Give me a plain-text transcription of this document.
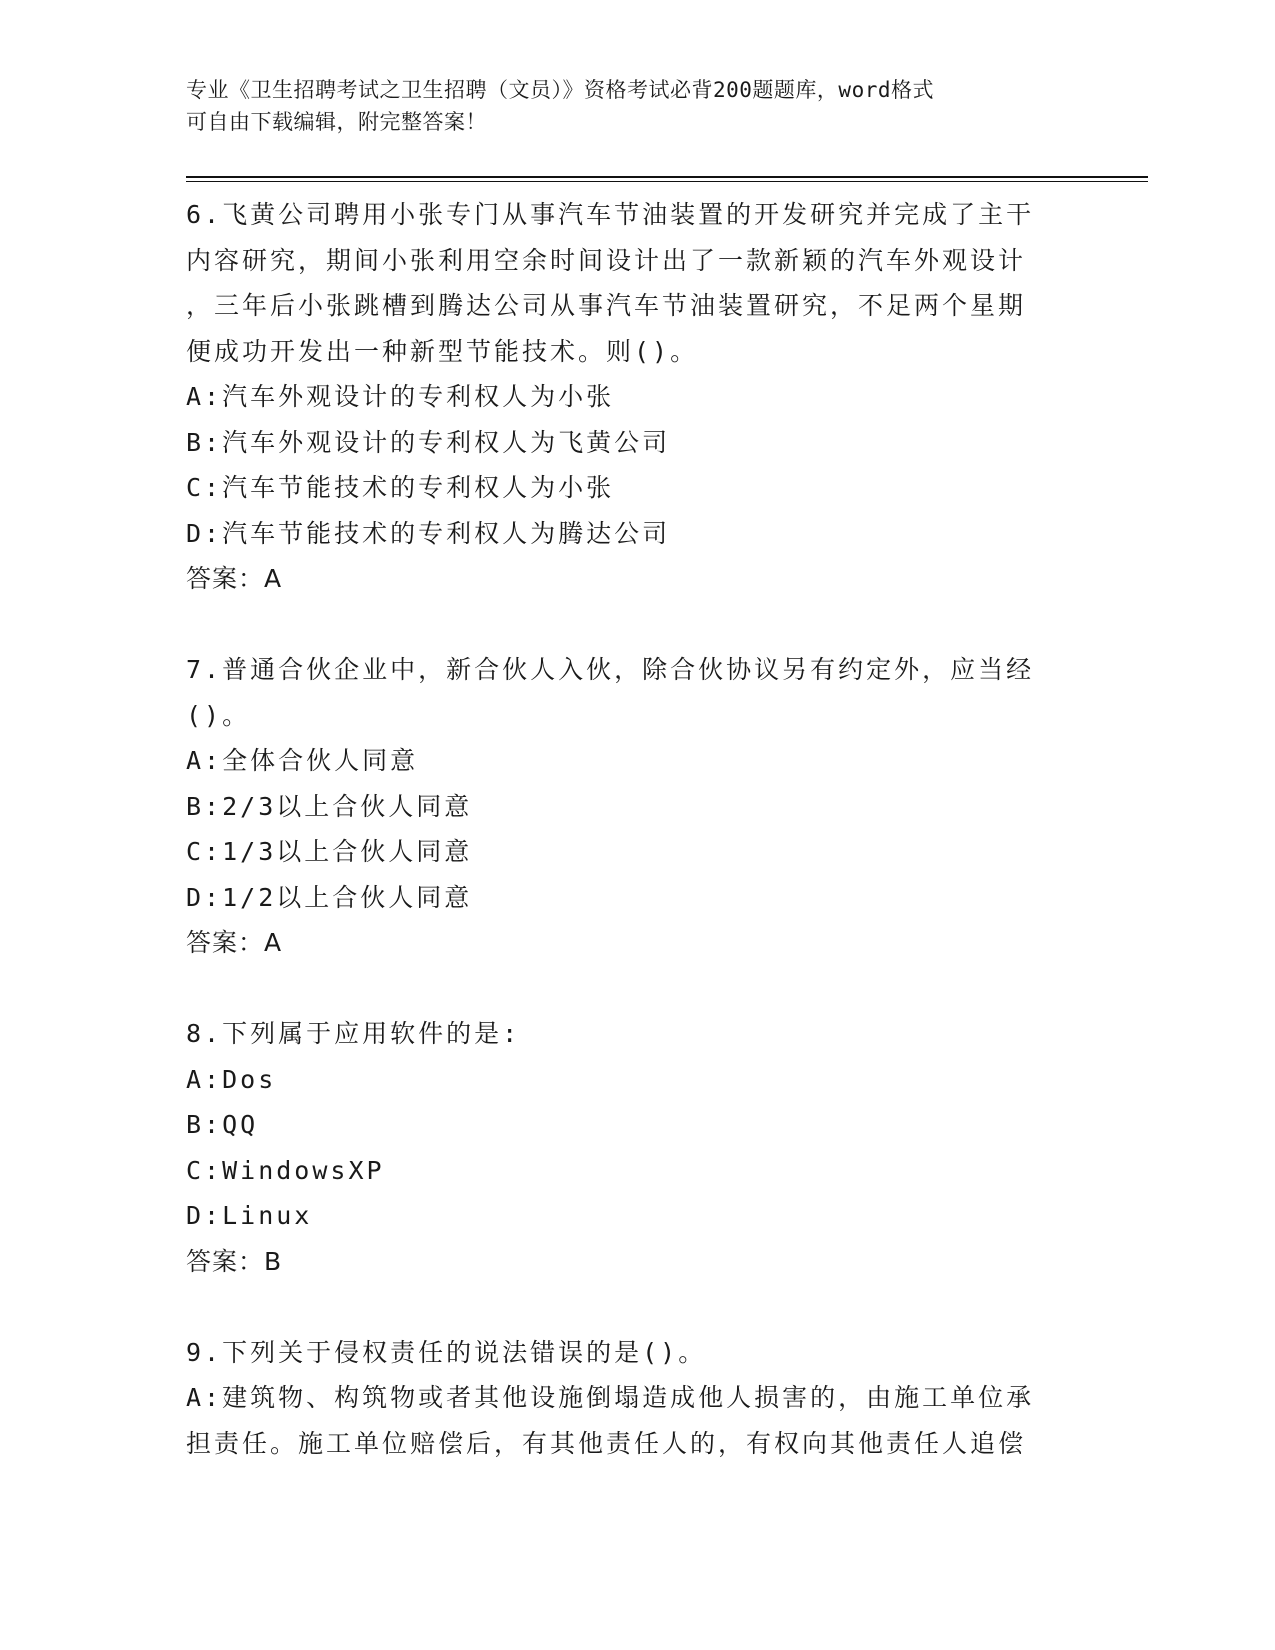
专业《卫生招聘考试之卫生招聘（文员）》资格考试必背200题题库，word格式
可自由下载编辑，附完整答案！
6.飞黄公司聘用小张专门从事汽车节油装置的开发研究并完成了主干
内容研究，期间小张利用空余时间设计出了一款新颖的汽车外观设计
，三年后小张跳槽到腾达公司从事汽车节油装置研究，不足两个星期
便成功开发出一种新型节能技术。则()。
A:汽车外观设计的专利权人为小张
B:汽车外观设计的专利权人为飞黄公司
C:汽车节能技术的专利权人为小张
D:汽车节能技术的专利权人为腾达公司
答案：A
7.普通合伙企业中，新合伙人入伙，除合伙协议另有约定外，应当经
()。
A:全体合伙人同意
B:2/3以上合伙人同意
C:1/3以上合伙人同意
D:1/2以上合伙人同意
答案：A
8.下列属于应用软件的是:
A:Dos
B:QQ
C:WindowsXP
D:Linux
答案：B
9.下列关于侵权责任的说法错误的是()。
A:建筑物、构筑物或者其他设施倒塌造成他人损害的，由施工单位承
担责任。施工单位赔偿后，有其他责任人的，有权向其他责任人追偿
